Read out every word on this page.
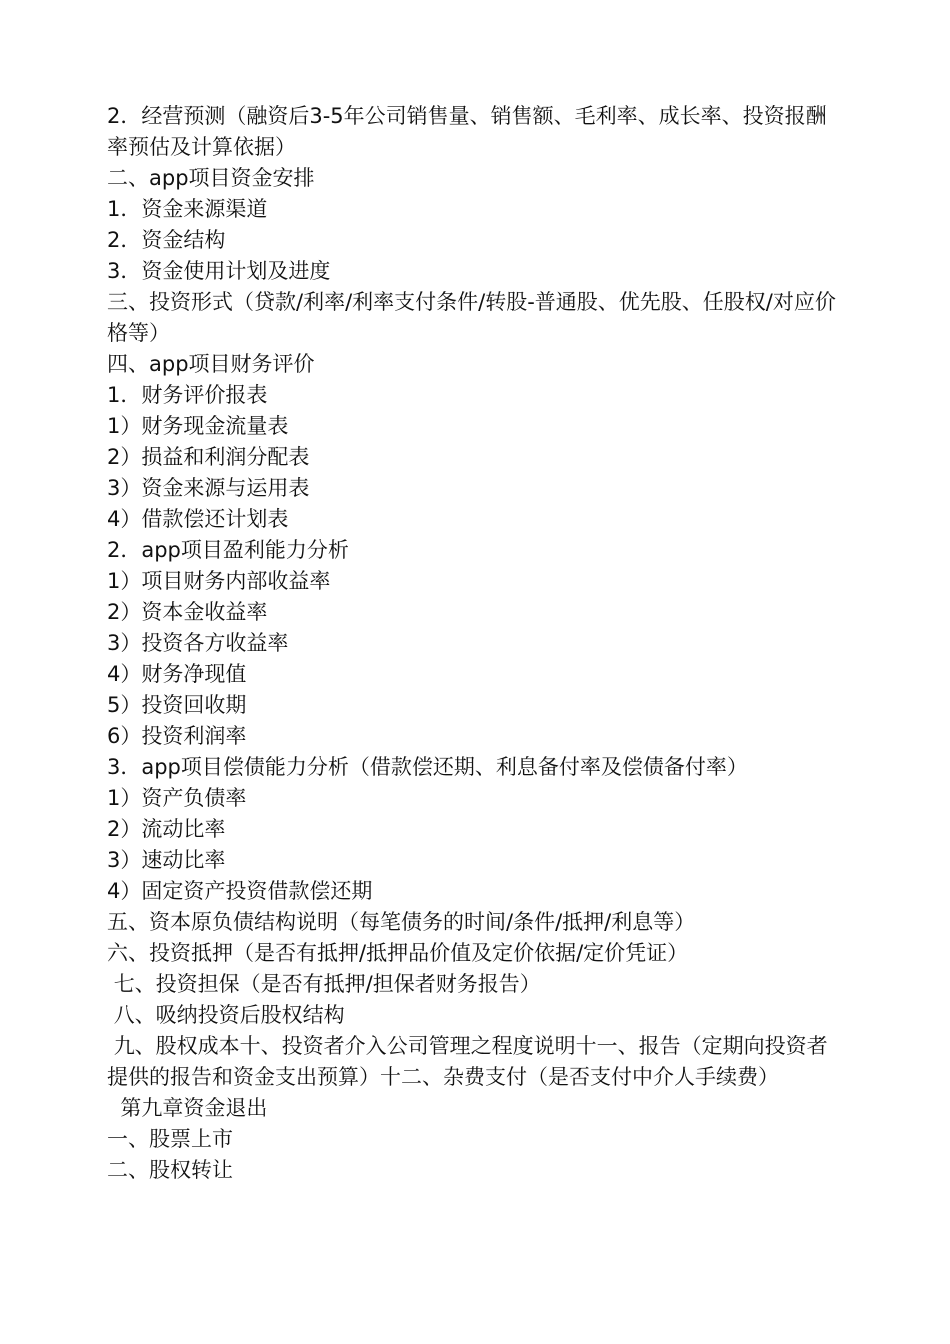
2．经营预测（融资后3-5年公司销售量、销售额、毛利率、成长率、投资报酬率预估及计算依据）

二、app项目资金安排

1．资金来源渠道

2．资金结构

3．资金使用计划及进度

三、投资形式（贷款/利率/利率支付条件/转股-普通股、优先股、任股权/对应价格等）

四、app项目财务评价

1．财务评价报表

1）财务现金流量表

2）损益和利润分配表

3）资金来源与运用表

4）借款偿还计划表

2．app项目盈利能力分析

1）项目财务内部收益率

2）资本金收益率

3）投资各方收益率

4）财务净现值

5）投资回收期

6）投资利润率

3．app项目偿债能力分析（借款偿还期、利息备付率及偿债备付率）

1）资产负债率

2）流动比率

3）速动比率

4）固定资产投资借款偿还期

五、资本原负债结构说明（每笔债务的时间/条件/抵押/利息等）

六、投资抵押（是否有抵押/抵押品价值及定价依据/定价凭证）

七、投资担保（是否有抵押/担保者财务报告）

八、吸纳投资后股权结构

九、股权成本十、投资者介入公司管理之程度说明十一、报告（定期向投资者提供的报告和资金支出预算）十二、杂费支付（是否支付中介人手续费）

第九章资金退出

一、股票上市

二、股权转让
